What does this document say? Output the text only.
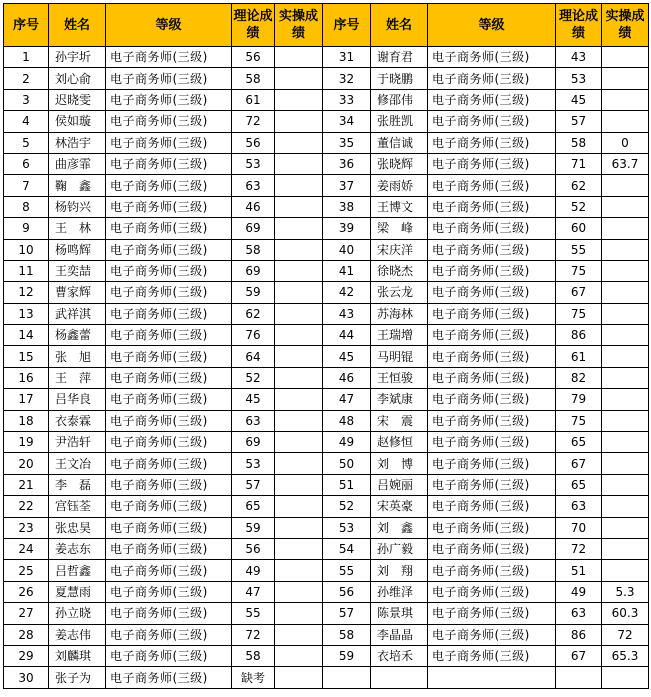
序号	姓名	等级	理论成绩	实操成绩	序号	姓名	等级	理论成绩	实操成绩
1	孙宇圻	电子商务师(三级)	56		31	谢育君	电子商务师(三级)	43	
2	刘心俞	电子商务师(三级)	58		32	于晓鹏	电子商务师(三级)	53	
3	迟晓雯	电子商务师(三级)	61		33	修邵伟	电子商务师(三级)	45	
4	侯如璇	电子商务师(三级)	72		34	张胜凯	电子商务师(三级)	57	
5	林浩宇	电子商务师(三级)	56		35	董信诚	电子商务师(三级)	58	0
6	曲彦霏	电子商务师(三级)	53		36	张晓辉	电子商务师(三级)	71	63.7
7	鞠　鑫	电子商务师(三级)	63		37	姜雨娇	电子商务师(三级)	62	
8	杨钧兴	电子商务师(三级)	46		38	王博文	电子商务师(三级)	52	
9	王　林	电子商务师(三级)	69		39	梁　峰	电子商务师(三级)	60	
10	杨鸣辉	电子商务师(三级)	58		40	宋庆洋	电子商务师(三级)	55	
11	王奕喆	电子商务师(三级)	69		41	徐晓杰	电子商务师(三级)	75	
12	曹家辉	电子商务师(三级)	59		42	张云龙	电子商务师(三级)	67	
13	武祥淇	电子商务师(三级)	62		43	苏海林	电子商务师(三级)	75	
14	杨鑫蕾	电子商务师(三级)	76		44	王瑞增	电子商务师(三级)	86	
15	张　旭	电子商务师(三级)	64		45	马明锟	电子商务师(三级)	61	
16	王　萍	电子商务师(三级)	52		46	王恒骏	电子商务师(三级)	82	
17	吕华良	电子商务师(三级)	45		47	李斌康	电子商务师(三级)	79	
18	衣泰霖	电子商务师(三级)	63		48	宋　震	电子商务师(三级)	75	
19	尹浩轩	电子商务师(三级)	69		49	赵修恒	电子商务师(三级)	65	
20	王文冶	电子商务师(三级)	53		50	刘　博	电子商务师(三级)	67	
21	李　磊	电子商务师(三级)	57		51	吕婉丽	电子商务师(三级)	65	
22	宫钰荃	电子商务师(三级)	65		52	宋英豪	电子商务师(三级)	63	
23	张忠昊	电子商务师(三级)	59		53	刘　鑫	电子商务师(三级)	70	
24	姜志东	电子商务师(三级)	56		54	孙广毅	电子商务师(三级)	72	
25	吕哲鑫	电子商务师(三级)	49		55	刘　翔	电子商务师(三级)	51	
26	夏慧雨	电子商务师(三级)	47		56	孙维泽	电子商务师(三级)	49	5.3
27	孙立晓	电子商务师(三级)	55		57	陈景琪	电子商务师(三级)	63	60.3
28	姜志伟	电子商务师(三级)	72		58	李晶晶	电子商务师(三级)	86	72
29	刘麟琪	电子商务师(三级)	58		59	衣培禾	电子商务师(三级)	67	65.3
30	张子为	电子商务师(三级)	缺考						
